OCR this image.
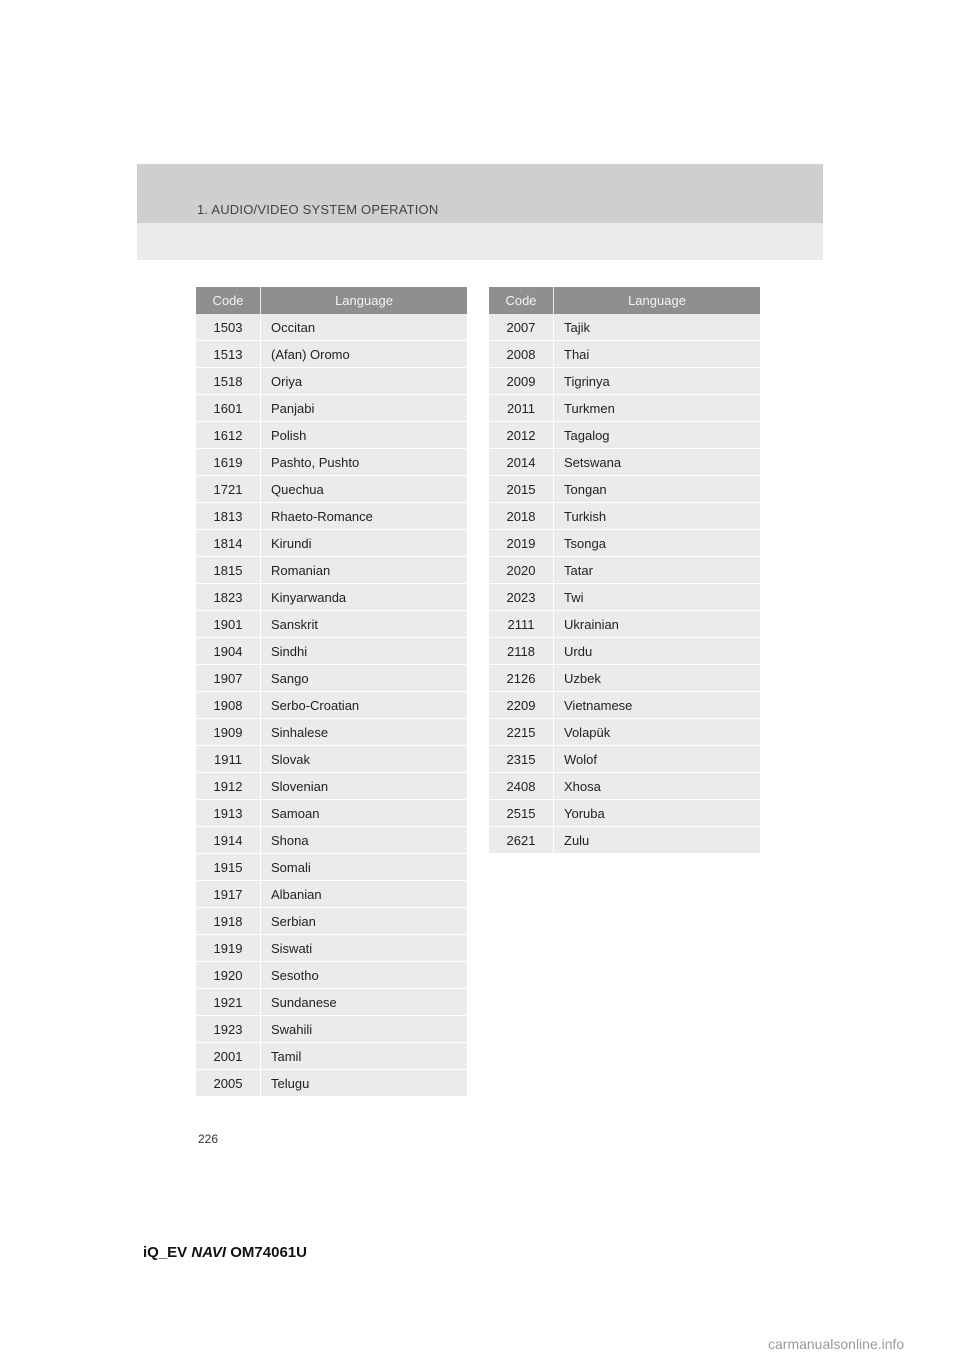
1. AUDIO/VIDEO SYSTEM OPERATION
Code	Language
1503	Occitan
1513	(Afan) Oromo
1518	Oriya
1601	Panjabi
1612	Polish
1619	Pashto, Pushto
1721	Quechua
1813	Rhaeto-Romance
1814	Kirundi
1815	Romanian
1823	Kinyarwanda
1901	Sanskrit
1904	Sindhi
1907	Sango
1908	Serbo-Croatian
1909	Sinhalese
1911	Slovak
1912	Slovenian
1913	Samoan
1914	Shona
1915	Somali
1917	Albanian
1918	Serbian
1919	Siswati
1920	Sesotho
1921	Sundanese
1923	Swahili
2001	Tamil
2005	Telugu
Code	Language
2007	Tajik
2008	Thai
2009	Tigrinya
2011	Turkmen
2012	Tagalog
2014	Setswana
2015	Tongan
2018	Turkish
2019	Tsonga
2020	Tatar
2023	Twi
2111	Ukrainian
2118	Urdu
2126	Uzbek
2209	Vietnamese
2215	Volapük
2315	Wolof
2408	Xhosa
2515	Yoruba
2621	Zulu
226
iQ_EV NAVI OM74061U
carmanualsonline.info
